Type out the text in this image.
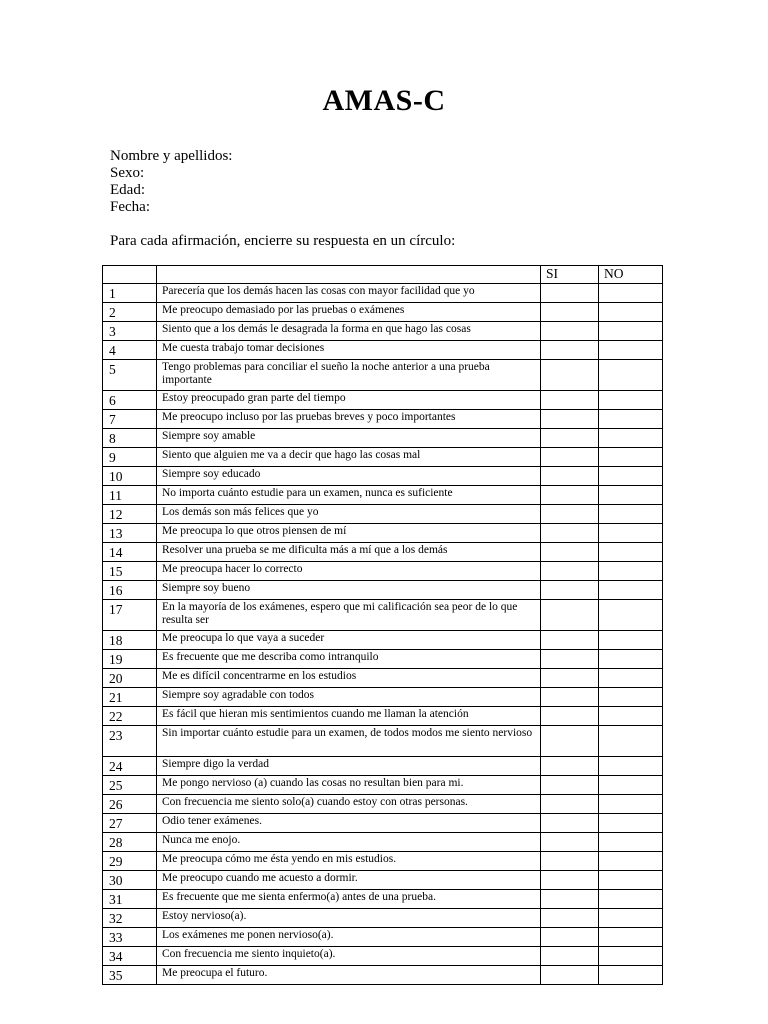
AMAS-C
Nombre y apellidos:
Sexo:
Edad:
Fecha:
Para cada afirmación, encierre su respuesta en un círculo:
		SI	NO
1	Parecería que los demás hacen las cosas con mayor facilidad que yo		
2	Me preocupo demasiado por las pruebas o exámenes		
3	Siento que a los demás le desagrada la forma en que hago las cosas		
4	Me cuesta trabajo tomar decisiones		
5	Tengo problemas para conciliar el sueño la noche anterior a una prueba importante		
6	Estoy preocupado gran parte del tiempo		
7	Me preocupo incluso por las pruebas breves y poco importantes		
8	Siempre soy amable		
9	Siento que alguien me va a decir que hago las cosas mal		
10	Siempre soy educado		
11	No importa cuánto estudie para un examen, nunca es suficiente		
12	Los demás son más felices que yo		
13	Me preocupa lo que otros piensen de mí		
14	Resolver una prueba se me dificulta más a mí que a los demás		
15	Me preocupa hacer lo correcto		
16	Siempre soy bueno		
17	En la mayoría de los exámenes, espero que mi calificación sea peor de lo que resulta ser		
18	Me preocupa lo que vaya a suceder		
19	Es frecuente que me describa como intranquilo		
20	Me es difícil concentrarme en los estudios		
21	Siempre soy agradable con todos		
22	Es fácil que hieran mis sentimientos cuando me llaman la atención		
23	Sin importar cuánto estudie para un examen, de todos modos me siento nervioso		
24	Siempre digo la verdad		
25	Me pongo nervioso (a) cuando las cosas no resultan bien para mi.		
26	Con frecuencia me siento solo(a) cuando estoy con otras personas.		
27	Odio tener exámenes.		
28	Nunca me enojo.		
29	Me preocupa cómo me ésta yendo en mis estudios.		
30	Me preocupo cuando me acuesto a dormir.		
31	Es frecuente que me sienta enfermo(a) antes de una prueba.		
32	Estoy nervioso(a).		
33	Los exámenes me ponen nervioso(a).		
34	Con frecuencia me siento inquieto(a).		
35	Me preocupa el futuro.		
